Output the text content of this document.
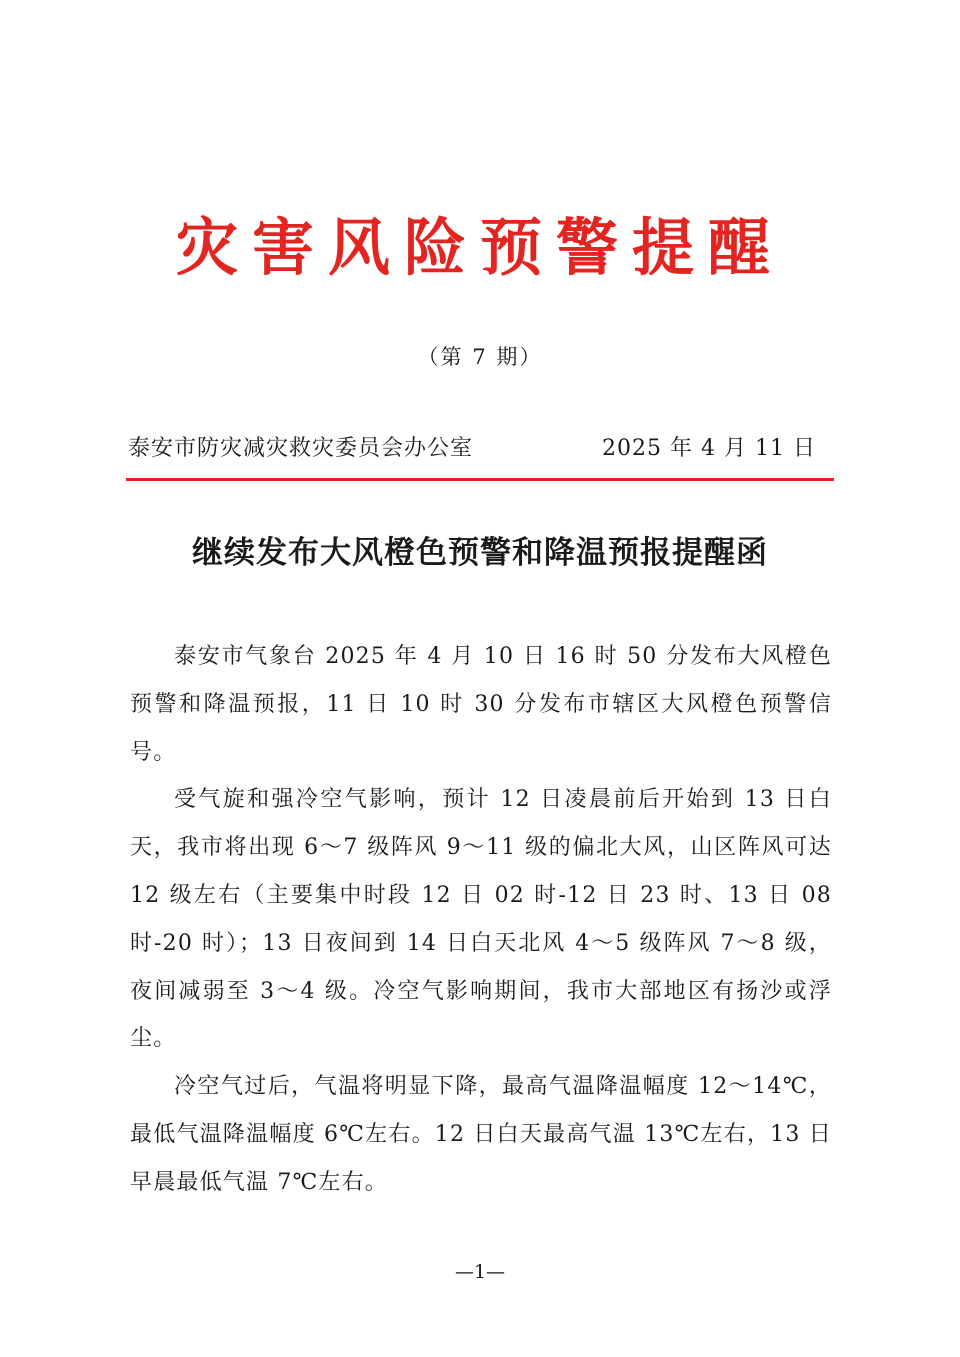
灾害风险预警提醒
（第 7 期）
泰安市防灾减灾救灾委员会办公室	2025 年 4 月 11 日
继续发布大风橙色预警和降温预报提醒函

泰安市气象台 2025 年 4 月 10 日 16 时 50 分发布大风橙色预警和降温预报，11 日 10 时 30 分发布市辖区大风橙色预警信号。

受气旋和强冷空气影响，预计 12 日凌晨前后开始到 13 日白天，我市将出现 6～7 级阵风 9～11 级的偏北大风，山区阵风可达 12 级左右（主要集中时段 12 日 02 时-12 日 23 时、13 日 08 时-20 时）；13 日夜间到 14 日白天北风 4～5 级阵风 7～8 级，夜间减弱至 3～4 级。冷空气影响期间，我市大部地区有扬沙或浮尘。

冷空气过后，气温将明显下降，最高气温降温幅度 12～14℃，最低气温降温幅度 6℃左右。12 日白天最高气温 13℃左右，13 日早晨最低气温 7℃左右。

—1—
